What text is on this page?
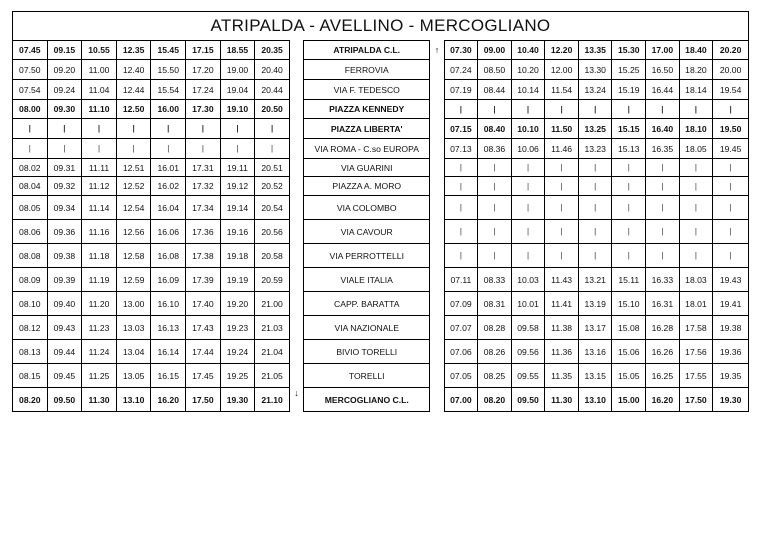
ATRIPALDA - AVELLINO - MERCOGLIANO
07.45	09.15	10.55	12.35	15.45	17.15	18.55	20.35		ATRIPALDA C.L.	↑	07.30	09.00	10.40	12.20	13.35	15.30	17.00	18.40	20.20
07.50	09.20	11.00	12.40	15.50	17.20	19.00	20.40		FERROVIA		07.24	08.50	10.20	12.00	13.30	15.25	16.50	18.20	20.00
07.54	09.24	11.04	12.44	15.54	17.24	19.04	20.44		VIA F. TEDESCO		07.19	08.44	10.14	11.54	13.24	15.19	16.44	18.14	19.54
08.00	09.30	11.10	12.50	16.00	17.30	19.10	20.50		PIAZZA KENNEDY		|	|	|	|	|	|	|	|	|
|	|	|	|	|	|	|	|		PIAZZA LIBERTA'		07.15	08.40	10.10	11.50	13.25	15.15	16.40	18.10	19.50
|	|	|	|	|	|	|	|		VIA ROMA - C.so EUROPA		07.13	08.36	10.06	11.46	13.23	15.13	16.35	18.05	19.45
08.02	09.31	11.11	12.51	16.01	17.31	19.11	20.51		VIA GUARINI		|	|	|	|	|	|	|	|	|
08.04	09.32	11.12	12.52	16.02	17.32	19.12	20.52		PIAZZA A. MORO		|	|	|	|	|	|	|	|	|
08.05	09.34	11.14	12.54	16.04	17.34	19.14	20.54		VIA COLOMBO		|	|	|	|	|	|	|	|	|
08.06	09.36	11.16	12.56	16.06	17.36	19.16	20.56		VIA CAVOUR		|	|	|	|	|	|	|	|	|
08.08	09.38	11.18	12.58	16.08	17.38	19.18	20.58		VIA PERROTTELLI		|	|	|	|	|	|	|	|	|
08.09	09.39	11.19	12.59	16.09	17.39	19.19	20.59		VIALE ITALIA		07.11	08.33	10.03	11.43	13.21	15.11	16.33	18.03	19.43
08.10	09.40	11.20	13.00	16.10	17.40	19.20	21.00		CAPP. BARATTA		07.09	08.31	10.01	11.41	13.19	15.10	16.31	18.01	19.41
08.12	09.43	11.23	13.03	16.13	17.43	19.23	21.03		VIA NAZIONALE		07.07	08.28	09.58	11.38	13.17	15.08	16.28	17.58	19.38
08.13	09.44	11.24	13.04	16.14	17.44	19.24	21.04		BIVIO TORELLI		07.06	08.26	09.56	11.36	13.16	15.06	16.26	17.56	19.36
08.15	09.45	11.25	13.05	16.15	17.45	19.25	21.05		TORELLI		07.05	08.25	09.55	11.35	13.15	15.05	16.25	17.55	19.35
08.20	09.50	11.30	13.10	16.20	17.50	19.30	21.10	↓	MERCOGLIANO C.L.		07.00	08.20	09.50	11.30	13.10	15.00	16.20	17.50	19.30
